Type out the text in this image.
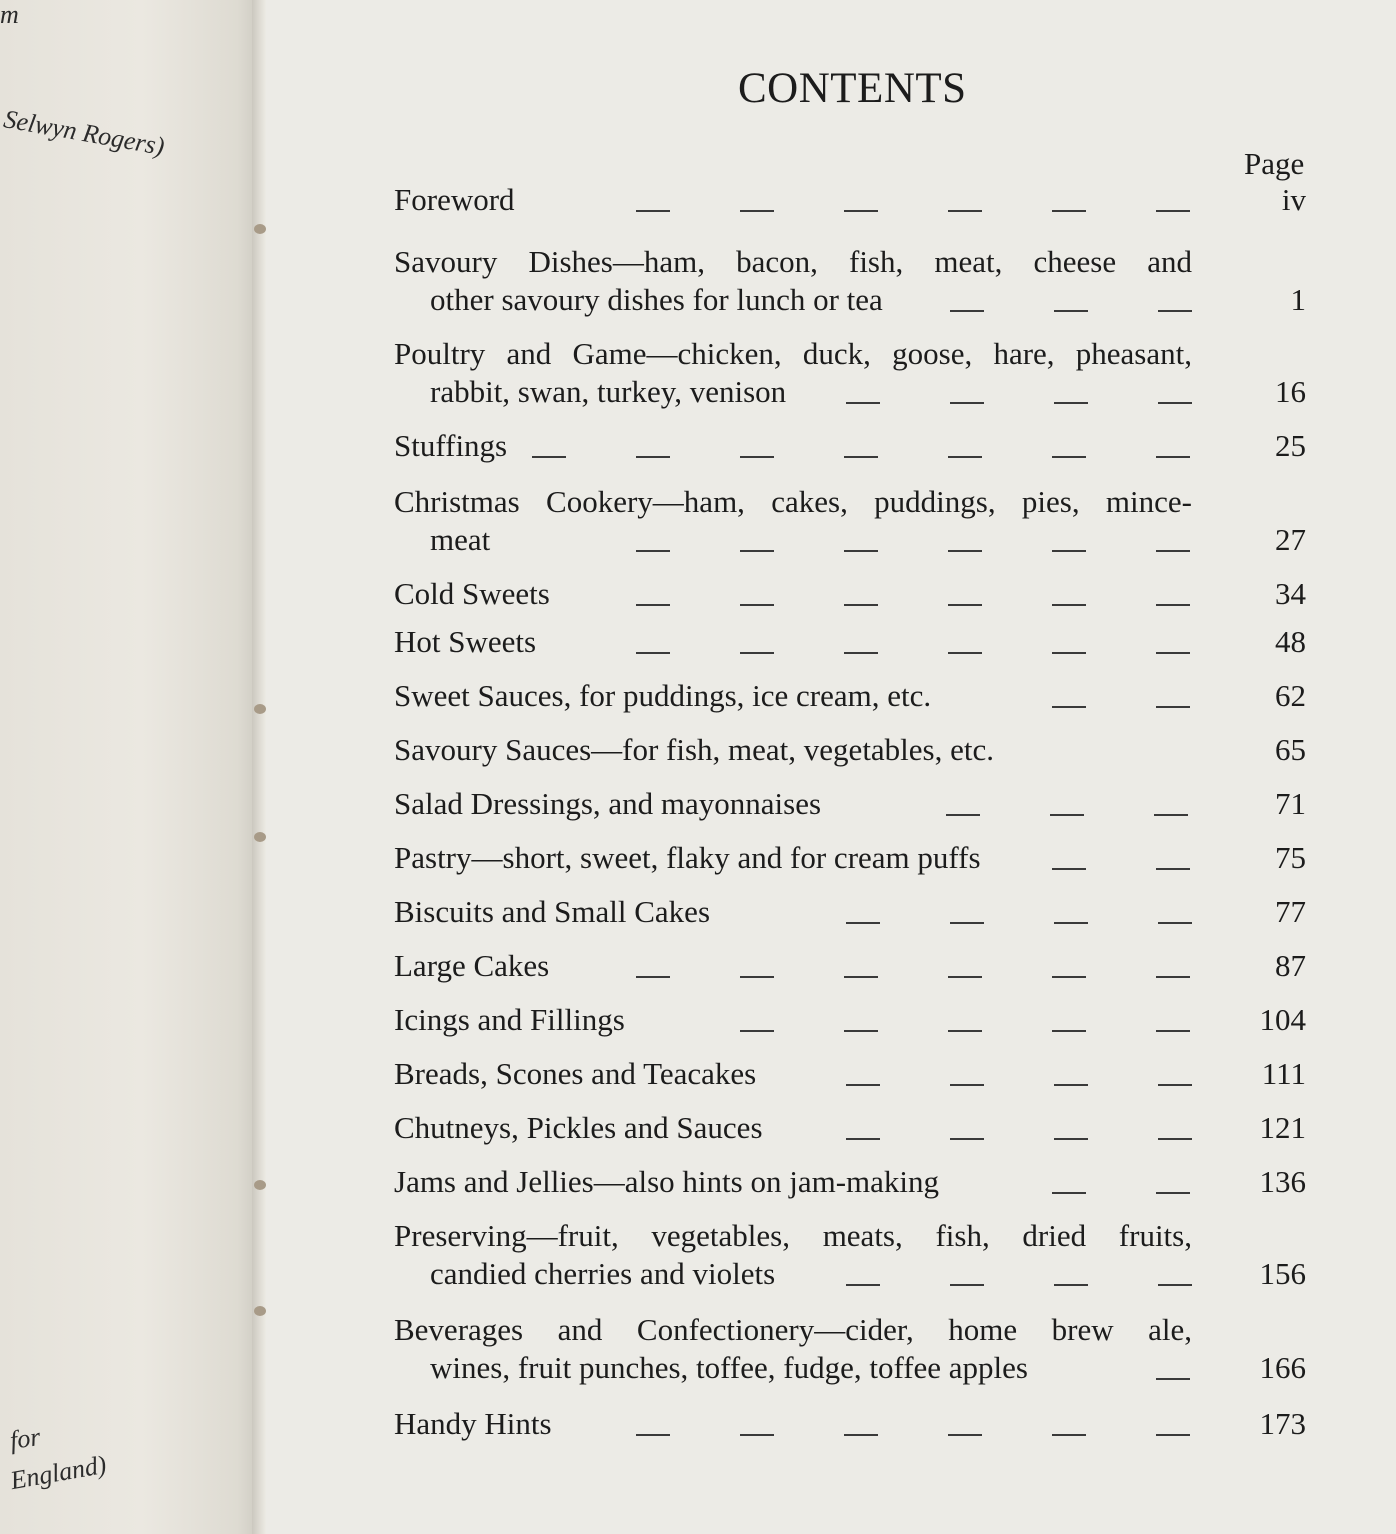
m
Selwyn Rogers)
for
England)
CONTENTS
Page
Foreword	iv
Savoury Dishes—ham, bacon, fish, meat, cheese and
other savoury dishes for lunch or tea	1
Poultry and Game—chicken, duck, goose, hare, pheasant,
rabbit, swan, turkey, venison	16
Stuffings	25
Christmas Cookery—ham, cakes, puddings, pies, mince-
meat	27
Cold Sweets	34
Hot Sweets	48
Sweet Sauces, for puddings, ice cream, etc.	62
Savoury Sauces—for fish, meat, vegetables, etc.	65
Salad Dressings, and mayonnaises	71
Pastry—short, sweet, flaky and for cream puffs	75
Biscuits and Small Cakes	77
Large Cakes	87
Icings and Fillings	104
Breads, Scones and Teacakes	111
Chutneys, Pickles and Sauces	121
Jams and Jellies—also hints on jam-making	136
Preserving—fruit, vegetables, meats, fish, dried fruits,
candied cherries and violets	156
Beverages and Confectionery—cider, home brew ale,
wines, fruit punches, toffee, fudge, toffee apples	166
Handy Hints	173
